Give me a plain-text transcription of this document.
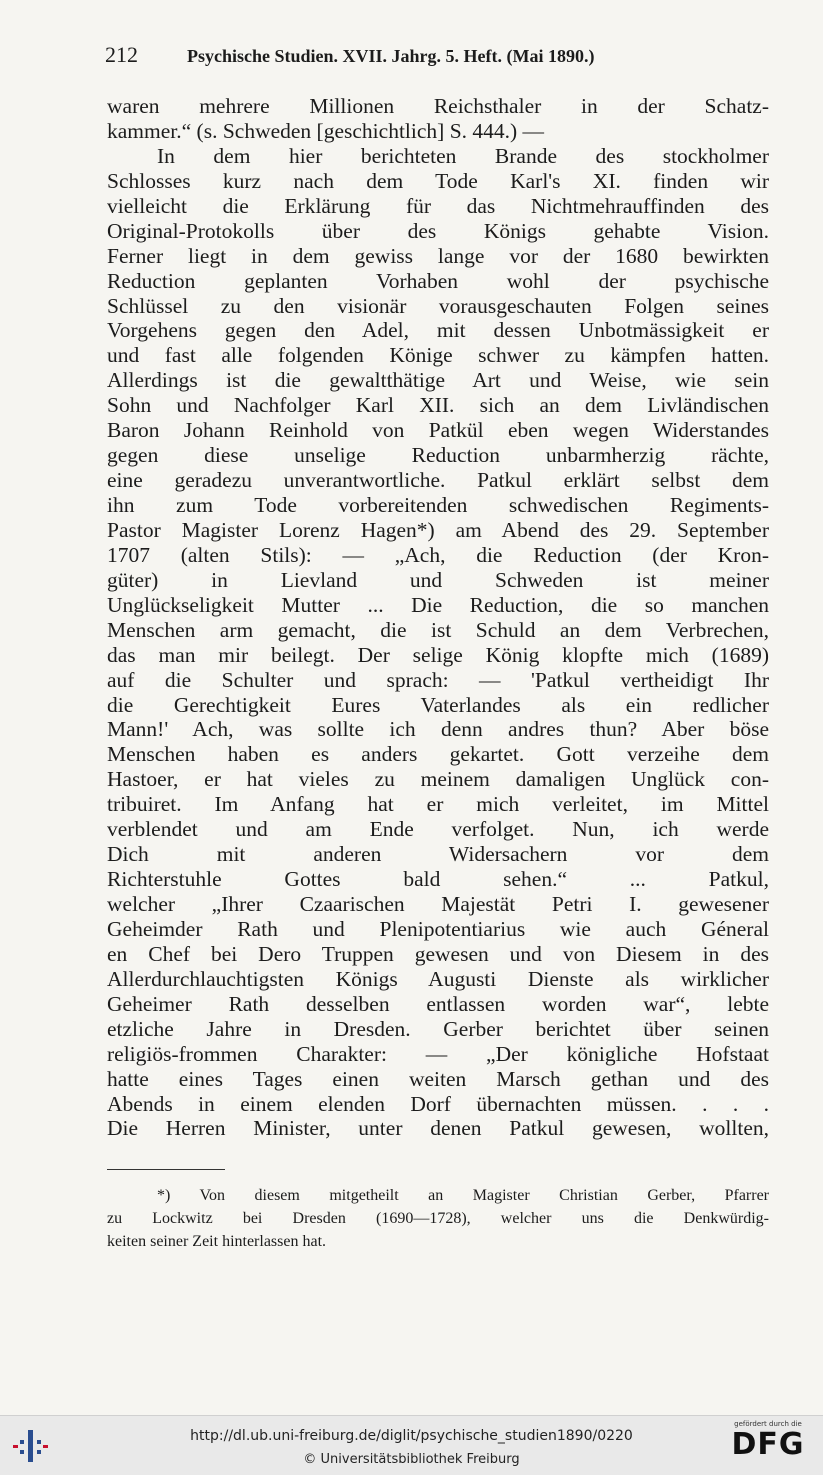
212	Psychische Studien. XVII. Jahrg. 5. Heft. (Mai 1890.)
waren mehrere Millionen Reichsthaler in der Schatz-
kammer.“ (s. Schweden [geschichtlich] S. 444.) —
In dem hier berichteten Brande des stockholmer
Schlosses kurz nach dem Tode Karl's XI. finden wir
vielleicht die Erklärung für das Nichtmehrauffinden des
Original-Protokolls über des Königs gehabte Vision.
Ferner liegt in dem gewiss lange vor der 1680 bewirkten
Reduction geplanten Vorhaben wohl der psychische
Schlüssel zu den visionär vorausgeschauten Folgen seines
Vorgehens gegen den Adel, mit dessen Unbotmässigkeit er
und fast alle folgenden Könige schwer zu kämpfen hatten.
Allerdings ist die gewaltthätige Art und Weise, wie sein
Sohn und Nachfolger Karl XII. sich an dem Livländischen
Baron Johann Reinhold von Patkül eben wegen Widerstandes
gegen diese unselige Reduction unbarmherzig rächte,
eine geradezu unverantwortliche. Patkul erklärt selbst dem
ihn zum Tode vorbereitenden schwedischen Regiments-
Pastor Magister Lorenz Hagen*) am Abend des 29. September
1707 (alten Stils): — „Ach, die Reduction (der Kron-
güter) in Lievland und Schweden ist meiner
Unglückseligkeit Mutter ... Die Reduction, die so manchen
Menschen arm gemacht, die ist Schuld an dem Verbrechen,
das man mir beilegt. Der selige König klopfte mich (1689)
auf die Schulter und sprach: — 'Patkul vertheidigt Ihr
die Gerechtigkeit Eures Vaterlandes als ein redlicher
Mann!' Ach, was sollte ich denn andres thun? Aber böse
Menschen haben es anders gekartet. Gott verzeihe dem
Hastoer, er hat vieles zu meinem damaligen Unglück con-
tribuiret. Im Anfang hat er mich verleitet, im Mittel
verblendet und am Ende verfolget. Nun, ich werde
Dich mit anderen Widersachern vor dem
Richterstuhle Gottes bald sehen.“ ... Patkul,
welcher „Ihrer Czaarischen Majestät Petri I. gewesener
Geheimder Rath und Plenipotentiarius wie auch Géneral
en Chef bei Dero Truppen gewesen und von Diesem in des
Allerdurchlauchtigsten Königs Augusti Dienste als wirklicher
Geheimer Rath desselben entlassen worden war“, lebte
etzliche Jahre in Dresden. Gerber berichtet über seinen
religiös-frommen Charakter: — „Der königliche Hofstaat
hatte eines Tages einen weiten Marsch gethan und des
Abends in einem elenden Dorf übernachten müssen. . . .
Die Herren Minister, unter denen Patkul gewesen, wollten,
*) Von diesem mitgetheilt an Magister Christian Gerber, Pfarrer
zu Lockwitz bei Dresden (1690—1728), welcher uns die Denkwürdig-
keiten seiner Zeit hinterlassen hat.
http://dl.ub.uni-freiburg.de/diglit/psychische_studien1890/0220
© Universitätsbibliothek Freiburg
gefördert durch die
DFG
